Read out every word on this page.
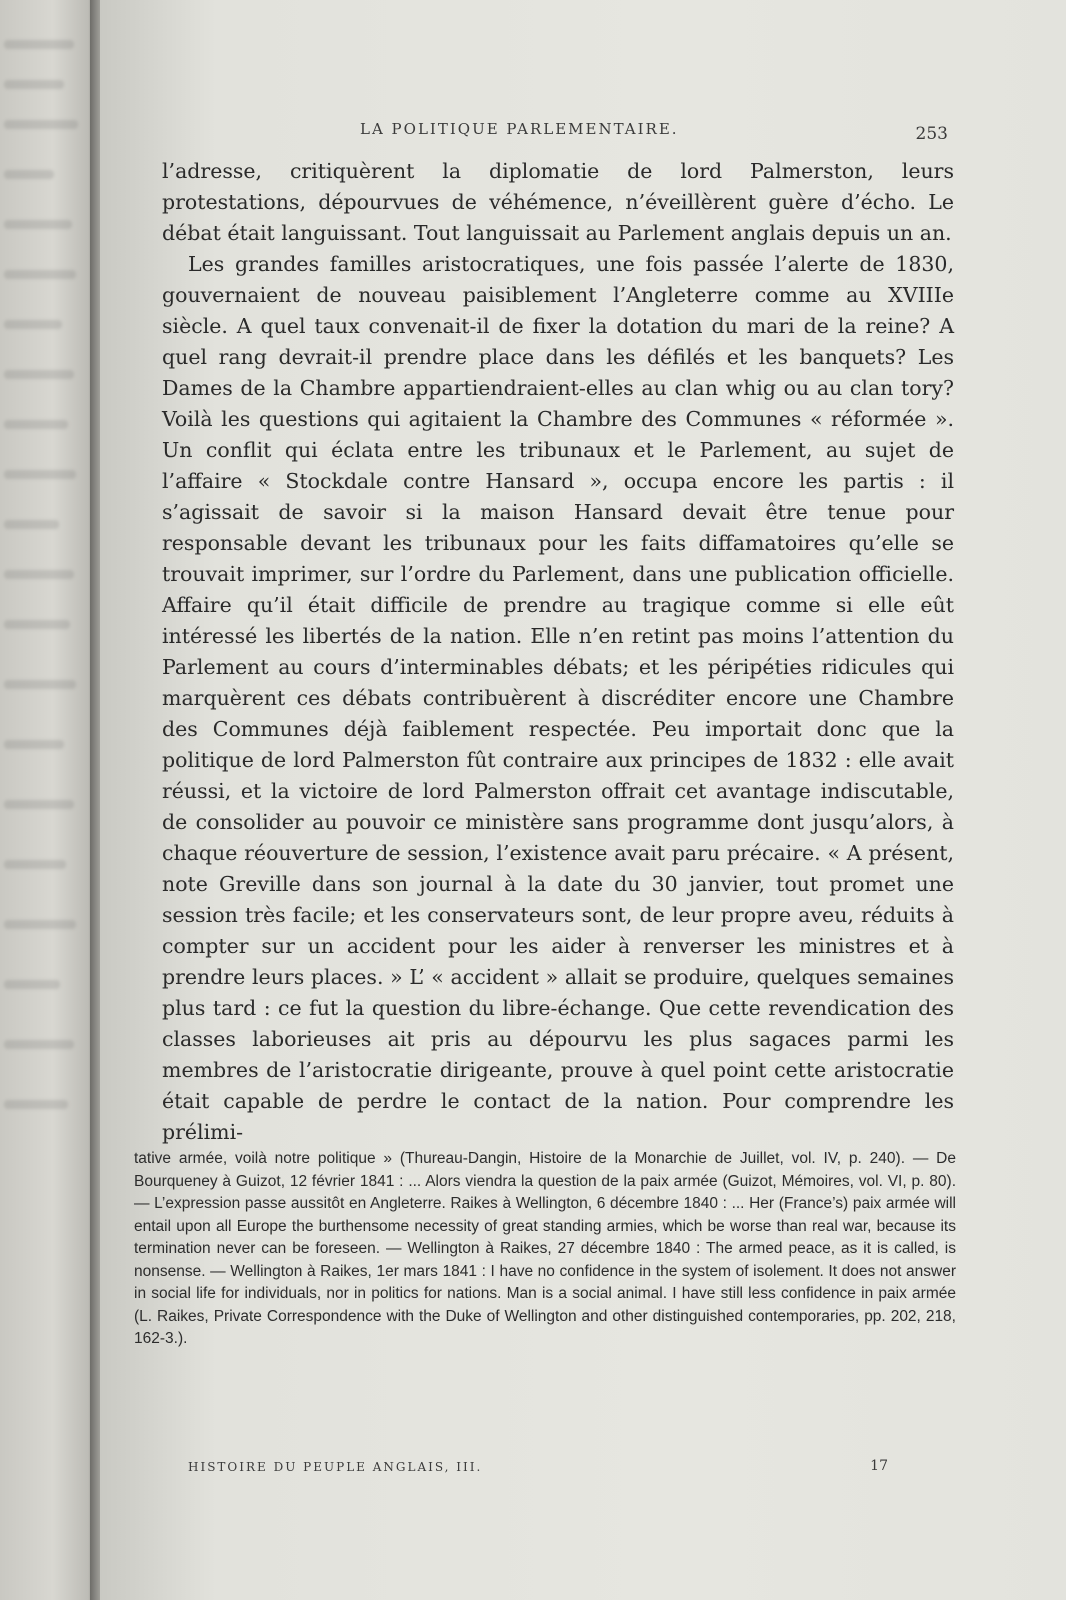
LA POLITIQUE PARLEMENTAIRE.	253

l’adresse, critiquèrent la diplomatie de lord Palmerston, leurs protestations, dépourvues de véhémence, n’éveillèrent guère d’écho. Le débat était languissant. Tout languissait au Parlement anglais depuis un an.

Les grandes familles aristocratiques, une fois passée l’alerte de 1830, gouvernaient de nouveau paisiblement l’Angleterre comme au XVIIIe siècle. A quel taux convenait-il de fixer la dotation du mari de la reine? A quel rang devrait-il prendre place dans les défilés et les banquets? Les Dames de la Chambre appartiendraient-elles au clan whig ou au clan tory? Voilà les questions qui agitaient la Chambre des Communes « réformée ». Un conflit qui éclata entre les tribunaux et le Parlement, au sujet de l’affaire « Stockdale contre Hansard », occupa encore les partis : il s’agissait de savoir si la maison Hansard devait être tenue pour responsable devant les tribunaux pour les faits diffamatoires qu’elle se trouvait imprimer, sur l’ordre du Parlement, dans une publication officielle. Affaire qu’il était difficile de prendre au tragique comme si elle eût intéressé les libertés de la nation. Elle n’en retint pas moins l’attention du Parlement au cours d’interminables débats; et les péripéties ridicules qui marquèrent ces débats contribuèrent à discréditer encore une Chambre des Communes déjà faiblement respectée. Peu importait donc que la politique de lord Palmerston fût contraire aux principes de 1832 : elle avait réussi, et la victoire de lord Palmerston offrait cet avantage indiscutable, de consolider au pouvoir ce ministère sans programme dont jusqu’alors, à chaque réouverture de session, l’existence avait paru précaire. « A présent, note Greville dans son journal à la date du 30 janvier, tout promet une session très facile; et les conservateurs sont, de leur propre aveu, réduits à compter sur un accident pour les aider à renverser les ministres et à prendre leurs places. » L’ « accident » allait se produire, quelques semaines plus tard : ce fut la question du libre-échange. Que cette revendication des classes laborieuses ait pris au dépourvu les plus sagaces parmi les membres de l’aristocratie dirigeante, prouve à quel point cette aristocratie était capable de perdre le contact de la nation. Pour comprendre les prélimi-

tative armée, voilà notre politique » (Thureau-Dangin, Histoire de la Monarchie de Juillet, vol. IV, p. 240). — De Bourqueney à Guizot, 12 février 1841 : ... Alors viendra la question de la paix armée (Guizot, Mémoires, vol. VI, p. 80). — L’expression passe aussitôt en Angleterre. Raikes à Wellington, 6 décembre 1840 : ... Her (France’s) paix armée will entail upon all Europe the burthensome necessity of great standing armies, which be worse than real war, because its termination never can be foreseen. — Wellington à Raikes, 27 décembre 1840 : The armed peace, as it is called, is nonsense. — Wellington à Raikes, 1er mars 1841 : I have no confidence in the system of isolement. It does not answer in social life for individuals, nor in politics for nations. Man is a social animal. I have still less confidence in paix armée (L. Raikes, Private Correspondence with the Duke of Wellington and other distinguished contemporaries, pp. 202, 218, 162-3.).

HISTOIRE DU PEUPLE ANGLAIS, III.	17
